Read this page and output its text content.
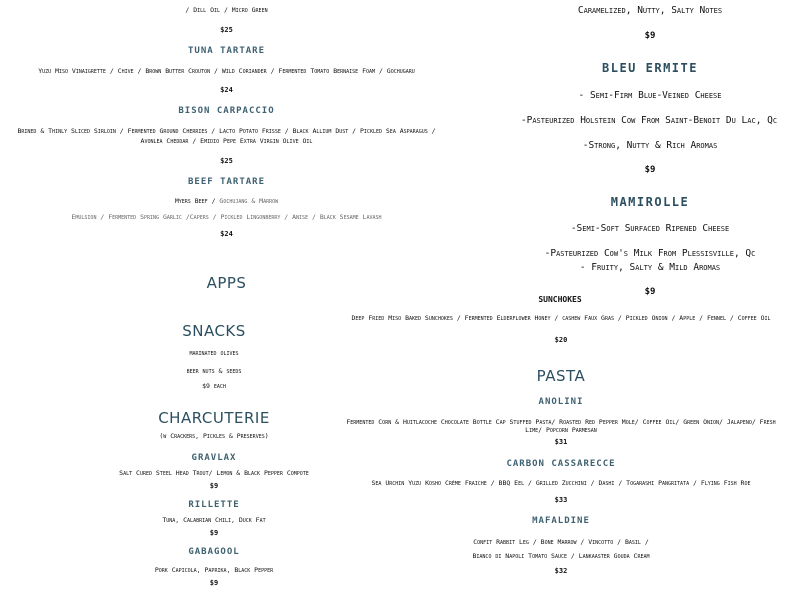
/ Dill Oil / Micro Green
$25
TUNA TARTARE
Yuzu Miso Vinaigrette / Chive / Brown Butter Crouton / Wild Coriander / Fermented Tomato Bernaise Foam / Gochugaru
$24
BISON CARPACCIO
Brined & Thinly Sliced Sirloin / Fermented Ground Cherries / Lacto Potato Frisse / Black Allium Dust / Pickled Sea Asparagus /
Avonlea Cheddar / Emidio Pepe Extra Virgin Olive Oil
$25
BEEF TARTARE
Myers Beef / Gochujang & Marrow
Emulsion / Fermented Spring Garlic /Capers / Pickled Lingonberry / Anise / Black Sesame Lavash
$24
APPS
SNACKS
marinated olives
beer nuts & seeds
$9 each
CHARCUTERIE
(w Crackers, Pickles & Preserves)
GRAVLAX
Salt Cured Steel Head Trout/ Lemon & Black Pepper Compote
$9
RILLETTE
Tuna, Calabrian Chili, Duck Fat
$9
GABAGOOL
Pork Capicola, Paprika, Black Pepper
$9
Caramelized, Nutty, Salty Notes
$9
BLEU ERMITE
- Semi-Firm Blue-Veined Cheese
-Pasteurized Holstein Cow From Saint-Benoit Du Lac, Qc
-Strong, Nutty & Rich Aromas
$9
MAMIROLLE
-Semi-Soft Surfaced Ripened Cheese
-Pasteurized Cow's Milk From Plessisville, Qc
- Fruity, Salty & Mild Aromas
$9
SUNCHOKES
Deep Fried Miso Baked Sunchokes / Fermented Elderflower Honey / cashew Faux Gras / Pickled Onion / Apple / Fennel / Coffee Oil
$20
PASTA
ANOLINI
Fermented Corn & Huitlacoche Chocolate Bottle Cap Stuffed Pasta/ Roasted Red Pepper Mole/ Coffee Oil/ Green Onion/ Jalapeno/ Fresh Lime/ Popcorn Parmesan
$31
CARBON CASSARECCE
Sea Urchin Yuzu Kosho Crème Fraiche / BBQ Eel / Grilled Zucchini / Dashi / Togarashi Pangritata / Flying Fish Roe
$33
MAFALDINE
Confit Rabbit Leg / Bone Marrow / Vincotto / Basil /
Bianco di Napoli Tomato Sauce / Lankaaster Gouda Cream
$32
